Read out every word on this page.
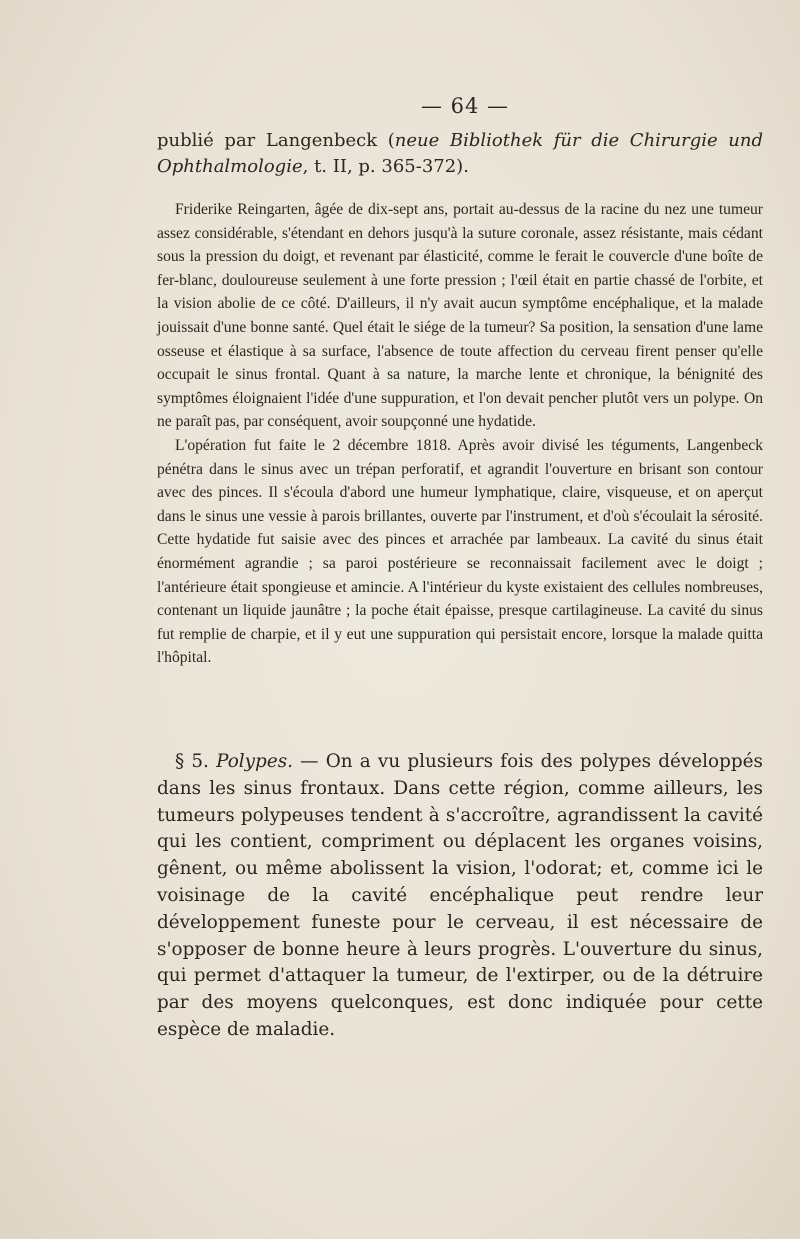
— 64 —
publié par Langenbeck (neue Bibliothek für die Chirurgie und Ophthalmologie, t. II, p. 365-372).

Friderike Reingarten, âgée de dix-sept ans, portait au-dessus de la racine du nez une tumeur assez considérable, s'étendant en dehors jusqu'à la suture coronale, assez résistante, mais cédant sous la pression du doigt, et revenant par élasticité, comme le ferait le couvercle d'une boîte de fer-blanc, douloureuse seulement à une forte pression ; l'œil était en partie chassé de l'orbite, et la vision abolie de ce côté. D'ailleurs, il n'y avait aucun symptôme encéphalique, et la malade jouissait d'une bonne santé. Quel était le siége de la tumeur? Sa position, la sensation d'une lame osseuse et élastique à sa surface, l'absence de toute affection du cerveau firent penser qu'elle occupait le sinus frontal. Quant à sa nature, la marche lente et chronique, la bénignité des symptômes éloignaient l'idée d'une suppuration, et l'on devait pencher plutôt vers un polype. On ne paraît pas, par conséquent, avoir soupçonné une hydatide.

L'opération fut faite le 2 décembre 1818. Après avoir divisé les téguments, Langenbeck pénétra dans le sinus avec un trépan perforatif, et agrandit l'ouverture en brisant son contour avec des pinces. Il s'écoula d'abord une humeur lymphatique, claire, visqueuse, et on aperçut dans le sinus une vessie à parois brillantes, ouverte par l'instrument, et d'où s'écoulait la sérosité. Cette hydatide fut saisie avec des pinces et arrachée par lambeaux. La cavité du sinus était énormément agrandie ; sa paroi postérieure se reconnaissait facilement avec le doigt ; l'antérieure était spongieuse et amincie. A l'intérieur du kyste existaient des cellules nombreuses, contenant un liquide jaunâtre ; la poche était épaisse, presque cartilagineuse. La cavité du sinus fut remplie de charpie, et il y eut une suppuration qui persistait encore, lorsque la malade quitta l'hôpital.

§ 5. Polypes. — On a vu plusieurs fois des polypes développés dans les sinus frontaux. Dans cette région, comme ailleurs, les tumeurs polypeuses tendent à s'accroître, agrandissent la cavité qui les contient, compriment ou déplacent les organes voisins, gênent, ou même abolissent la vision, l'odorat; et, comme ici le voisinage de la cavité encéphalique peut rendre leur développement funeste pour le cerveau, il est nécessaire de s'opposer de bonne heure à leurs progrès. L'ouverture du sinus, qui permet d'attaquer la tumeur, de l'extirper, ou de la détruire par des moyens quelconques, est donc indiquée pour cette espèce de maladie.
